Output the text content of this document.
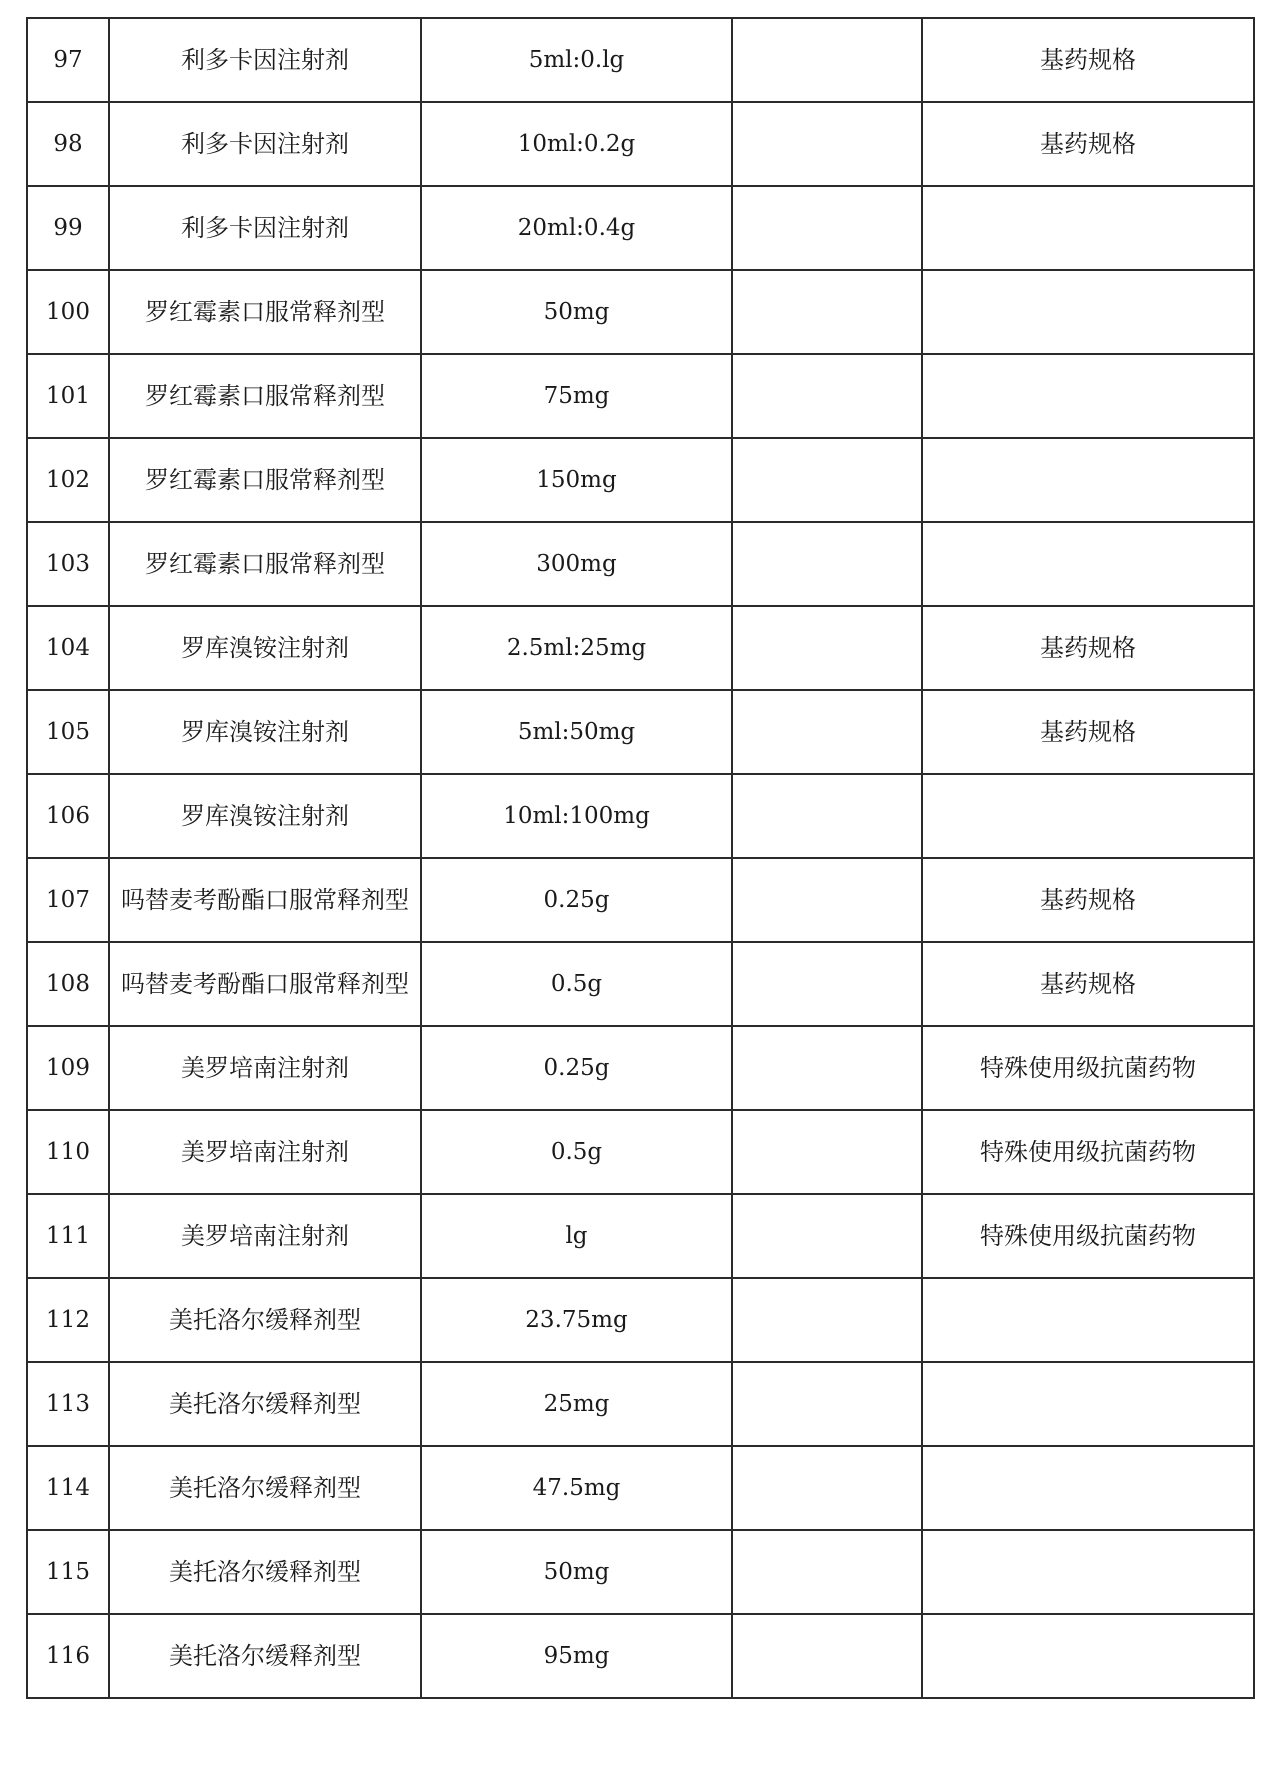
97	利多卡因注射剂	5ml:0.lg		基药规格
98	利多卡因注射剂	10ml:0.2g		基药规格
99	利多卡因注射剂	20ml:0.4g		
100	罗红霉素口服常释剂型	50mg		
101	罗红霉素口服常释剂型	75mg		
102	罗红霉素口服常释剂型	150mg		
103	罗红霉素口服常释剂型	300mg		
104	罗库溴铵注射剂	2.5ml:25mg		基药规格
105	罗库溴铵注射剂	5ml:50mg		基药规格
106	罗库溴铵注射剂	10ml:100mg		
107	吗替麦考酚酯口服常释剂型	0.25g		基药规格
108	吗替麦考酚酯口服常释剂型	0.5g		基药规格
109	美罗培南注射剂	0.25g		特殊使用级抗菌药物
110	美罗培南注射剂	0.5g		特殊使用级抗菌药物
111	美罗培南注射剂	lg		特殊使用级抗菌药物
112	美托洛尔缓释剂型	23.75mg		
113	美托洛尔缓释剂型	25mg		
114	美托洛尔缓释剂型	47.5mg		
115	美托洛尔缓释剂型	50mg		
116	美托洛尔缓释剂型	95mg		
